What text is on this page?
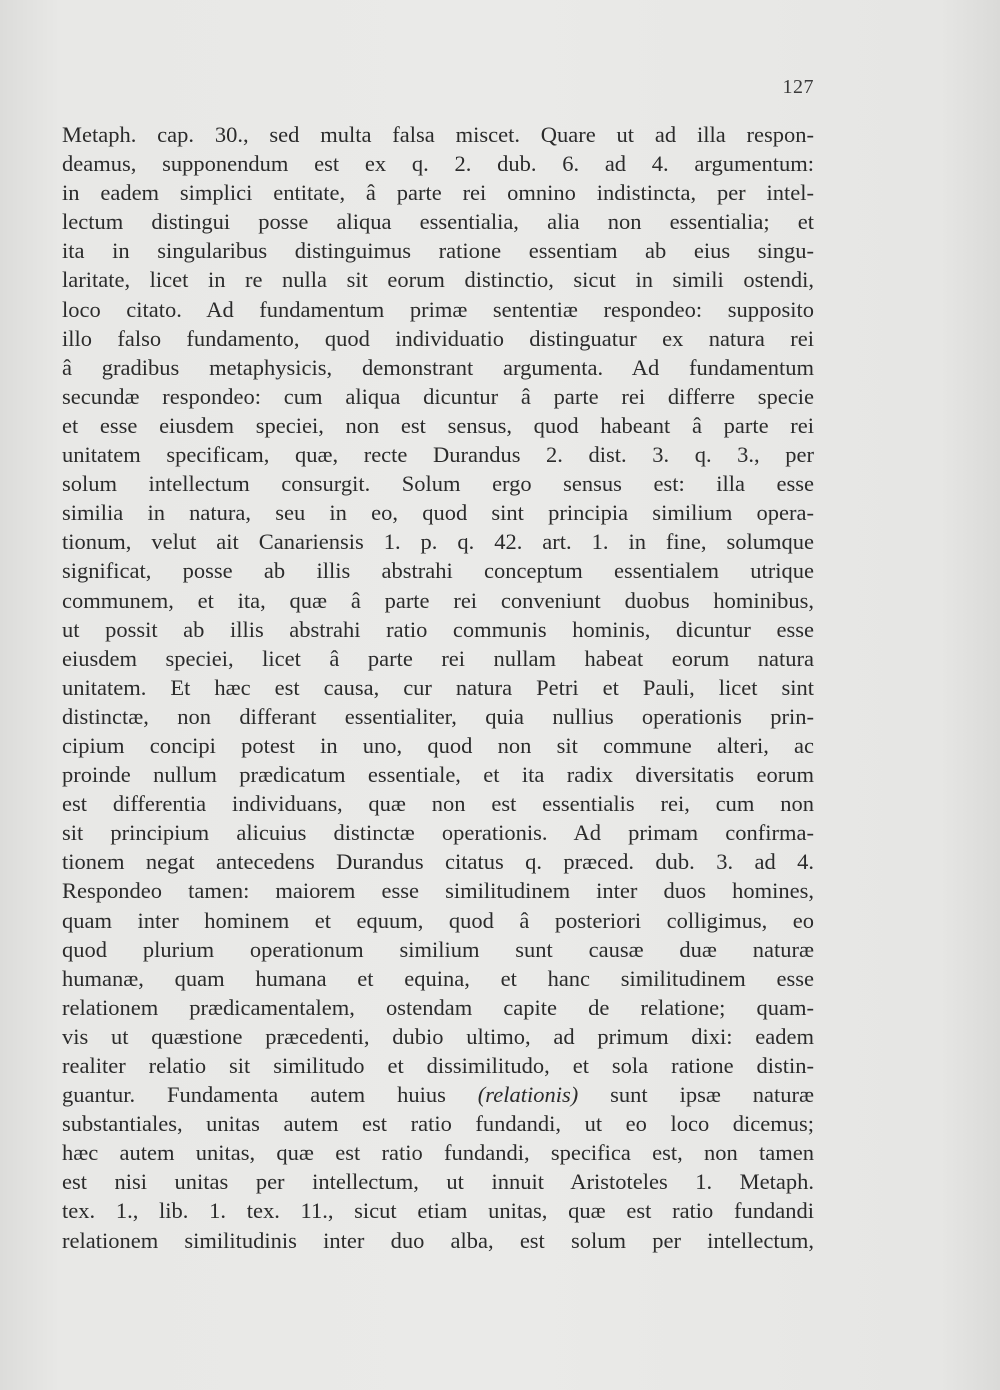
127
Metaph. cap. 30., sed multa falsa miscet. Quare ut ad illa respon-
deamus, supponendum est ex q. 2. dub. 6. ad 4. argumentum:
in eadem simplici entitate, â parte rei omnino indistincta, per intel-
lectum distingui posse aliqua essentialia, alia non essentialia; et
ita in singularibus distinguimus ratione essentiam ab eius singu-
laritate, licet in re nulla sit eorum distinctio, sicut in simili ostendi,
loco citato. Ad fundamentum primæ sententiæ respondeo: supposito
illo falso fundamento, quod individuatio distinguatur ex natura rei
â gradibus metaphysicis, demonstrant argumenta. Ad fundamentum
secundæ respondeo: cum aliqua dicuntur â parte rei differre specie
et esse eiusdem speciei, non est sensus, quod habeant â parte rei
unitatem specificam, quæ, recte Durandus 2. dist. 3. q. 3., per
solum intellectum consurgit. Solum ergo sensus est: illa esse
similia in natura, seu in eo, quod sint principia similium opera-
tionum, velut ait Canariensis 1. p. q. 42. art. 1. in fine, solumque
significat, posse ab illis abstrahi conceptum essentialem utrique
communem, et ita, quæ â parte rei conveniunt duobus hominibus,
ut possit ab illis abstrahi ratio communis hominis, dicuntur esse
eiusdem speciei, licet â parte rei nullam habeat eorum natura
unitatem. Et hæc est causa, cur natura Petri et Pauli, licet sint
distinctæ, non differant essentialiter, quia nullius operationis prin-
cipium concipi potest in uno, quod non sit commune alteri, ac
proinde nullum prædicatum essentiale, et ita radix diversitatis eorum
est differentia individuans, quæ non est essentialis rei, cum non
sit principium alicuius distinctæ operationis. Ad primam confirma-
tionem negat antecedens Durandus citatus q. præced. dub. 3. ad 4.
Respondeo tamen: maiorem esse similitudinem inter duos homines,
quam inter hominem et equum, quod â posteriori colligimus, eo
quod plurium operationum similium sunt causæ duæ naturæ
humanæ, quam humana et equina, et hanc similitudinem esse
relationem prædicamentalem, ostendam capite de relatione; quam-
vis ut quæstione præcedenti, dubio ultimo, ad primum dixi: eadem
realiter relatio sit similitudo et dissimilitudo, et sola ratione distin-
guantur. Fundamenta autem huius (relationis) sunt ipsæ naturæ
substantiales, unitas autem est ratio fundandi, ut eo loco dicemus;
hæc autem unitas, quæ est ratio fundandi, specifica est, non tamen
est nisi unitas per intellectum, ut innuit Aristoteles 1. Metaph.
tex. 1., lib. 1. tex. 11., sicut etiam unitas, quæ est ratio fundandi
relationem similitudinis inter duo alba, est solum per intellectum,
